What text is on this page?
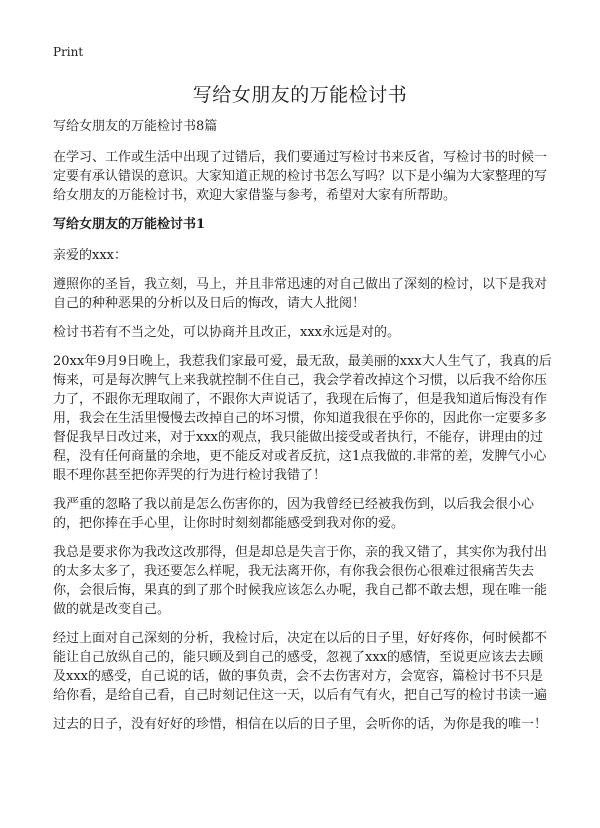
Print
写给女朋友的万能检讨书

写给女朋友的万能检讨书8篇

在学习、工作或生活中出现了过错后，我们要通过写检讨书来反省，写检讨书的时候一定要有承认错误的意识。大家知道正规的检讨书怎么写吗？以下是小编为大家整理的写给女朋友的万能检讨书，欢迎大家借鉴与参考，希望对大家有所帮助。

写给女朋友的万能检讨书1

亲爱的xxx：

遵照你的圣旨，我立刻，马上，并且非常迅速的对自己做出了深刻的检讨，以下是我对自己的种种恶果的分析以及日后的悔改，请大人批阅！

检讨书若有不当之处，可以协商并且改正，xxx永远是对的。

20xx年9月9日晚上，我惹我们家最可爱，最无敌，最美丽的xxx大人生气了，我真的后悔来，可是每次脾气上来我就控制不住自己，我会学着改掉这个习惯，以后我不给你压力了，不跟你无理取闹了，不跟你大声说话了，我现在后悔了，但是我知道后悔没有作用，我会在生活里慢慢去改掉自己的坏习惯，你知道我很在乎你的，因此你一定要多多督促我早日改过来，对于xxx的观点，我只能做出接受或者执行，不能存，讲理由的过程，没有任何商量的余地，更不能反对或者反抗，这1点我做的.非常的差，发脾气小心眼不理你甚至把你弄哭的行为进行检讨我错了！

我严重的忽略了我以前是怎么伤害你的，因为我曾经已经被我伤到，以后我会很小心的，把你捧在手心里，让你时时刻刻都能感受到我对你的爱。

我总是要求你为我改这改那得，但是却总是失言于你，亲的我又错了，其实你为我付出的太多太多了，我还要怎么样呢，我无法离开你，有你我会很伤心很难过很痛苦失去你，会很后悔，果真的到了那个时候我应该怎么办呢，我自己都不敢去想，现在唯一能做的就是改变自己。

经过上面对自己深刻的分析，我检讨后，决定在以后的日子里，好好疼你，何时候都不能让自己放纵自己的，能只顾及到自己的感受，忽视了xxx的感情，至说更应该去去顾及xxx的感受，自己说的话，做的事负责，会不去伤害对方，会宽容，篇检讨书不只是给你看，是给自己看，自己时刻记住这一天，以后有气有火，把自己写的检讨书读一遍

过去的日子，没有好好的珍惜，相信在以后的日子里，会听你的话，为你是我的唯一！
